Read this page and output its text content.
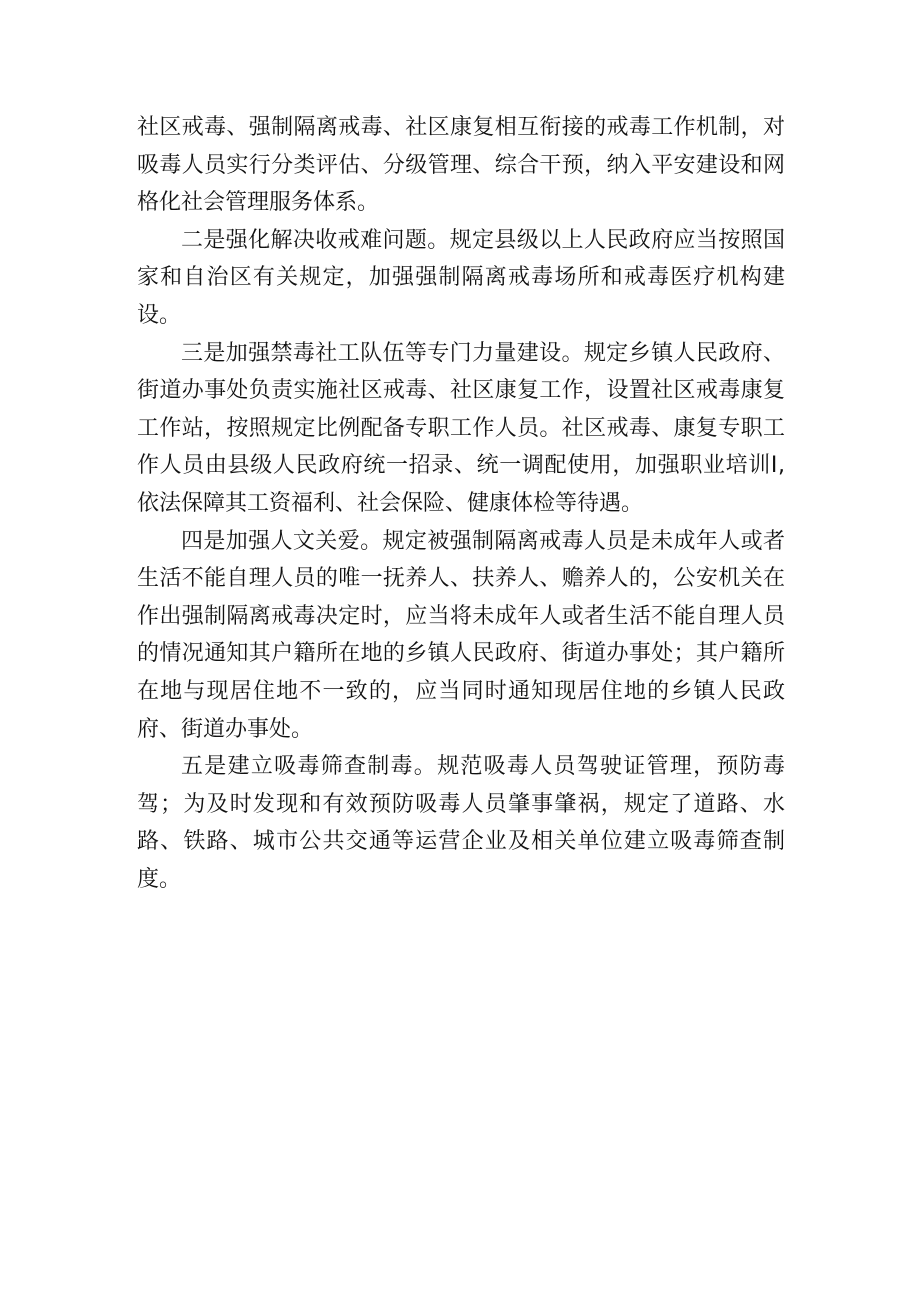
社区戒毒、强制隔离戒毒、社区康复相互衔接的戒毒工作机制，对吸毒人员实行分类评估、分级管理、综合干预，纳入平安建设和网格化社会管理服务体系。

二是强化解决收戒难问题。规定县级以上人民政府应当按照国家和自治区有关规定，加强强制隔离戒毒场所和戒毒医疗机构建设。

三是加强禁毒社工队伍等专门力量建设。规定乡镇人民政府、街道办事处负责实施社区戒毒、社区康复工作，设置社区戒毒康复工作站，按照规定比例配备专职工作人员。社区戒毒、康复专职工作人员由县级人民政府统一招录、统一调配使用，加强职业培训Ⅰ,依法保障其工资福利、社会保险、健康体检等待遇。

四是加强人文关爱。规定被强制隔离戒毒人员是未成年人或者生活不能自理人员的唯一抚养人、扶养人、赡养人的，公安机关在作出强制隔离戒毒决定时，应当将未成年人或者生活不能自理人员的情况通知其户籍所在地的乡镇人民政府、街道办事处；其户籍所在地与现居住地不一致的，应当同时通知现居住地的乡镇人民政府、街道办事处。

五是建立吸毒筛查制毒。规范吸毒人员驾驶证管理，预防毒驾；为及时发现和有效预防吸毒人员肇事肇祸，规定了道路、水路、铁路、城市公共交通等运营企业及相关单位建立吸毒筛查制度。
